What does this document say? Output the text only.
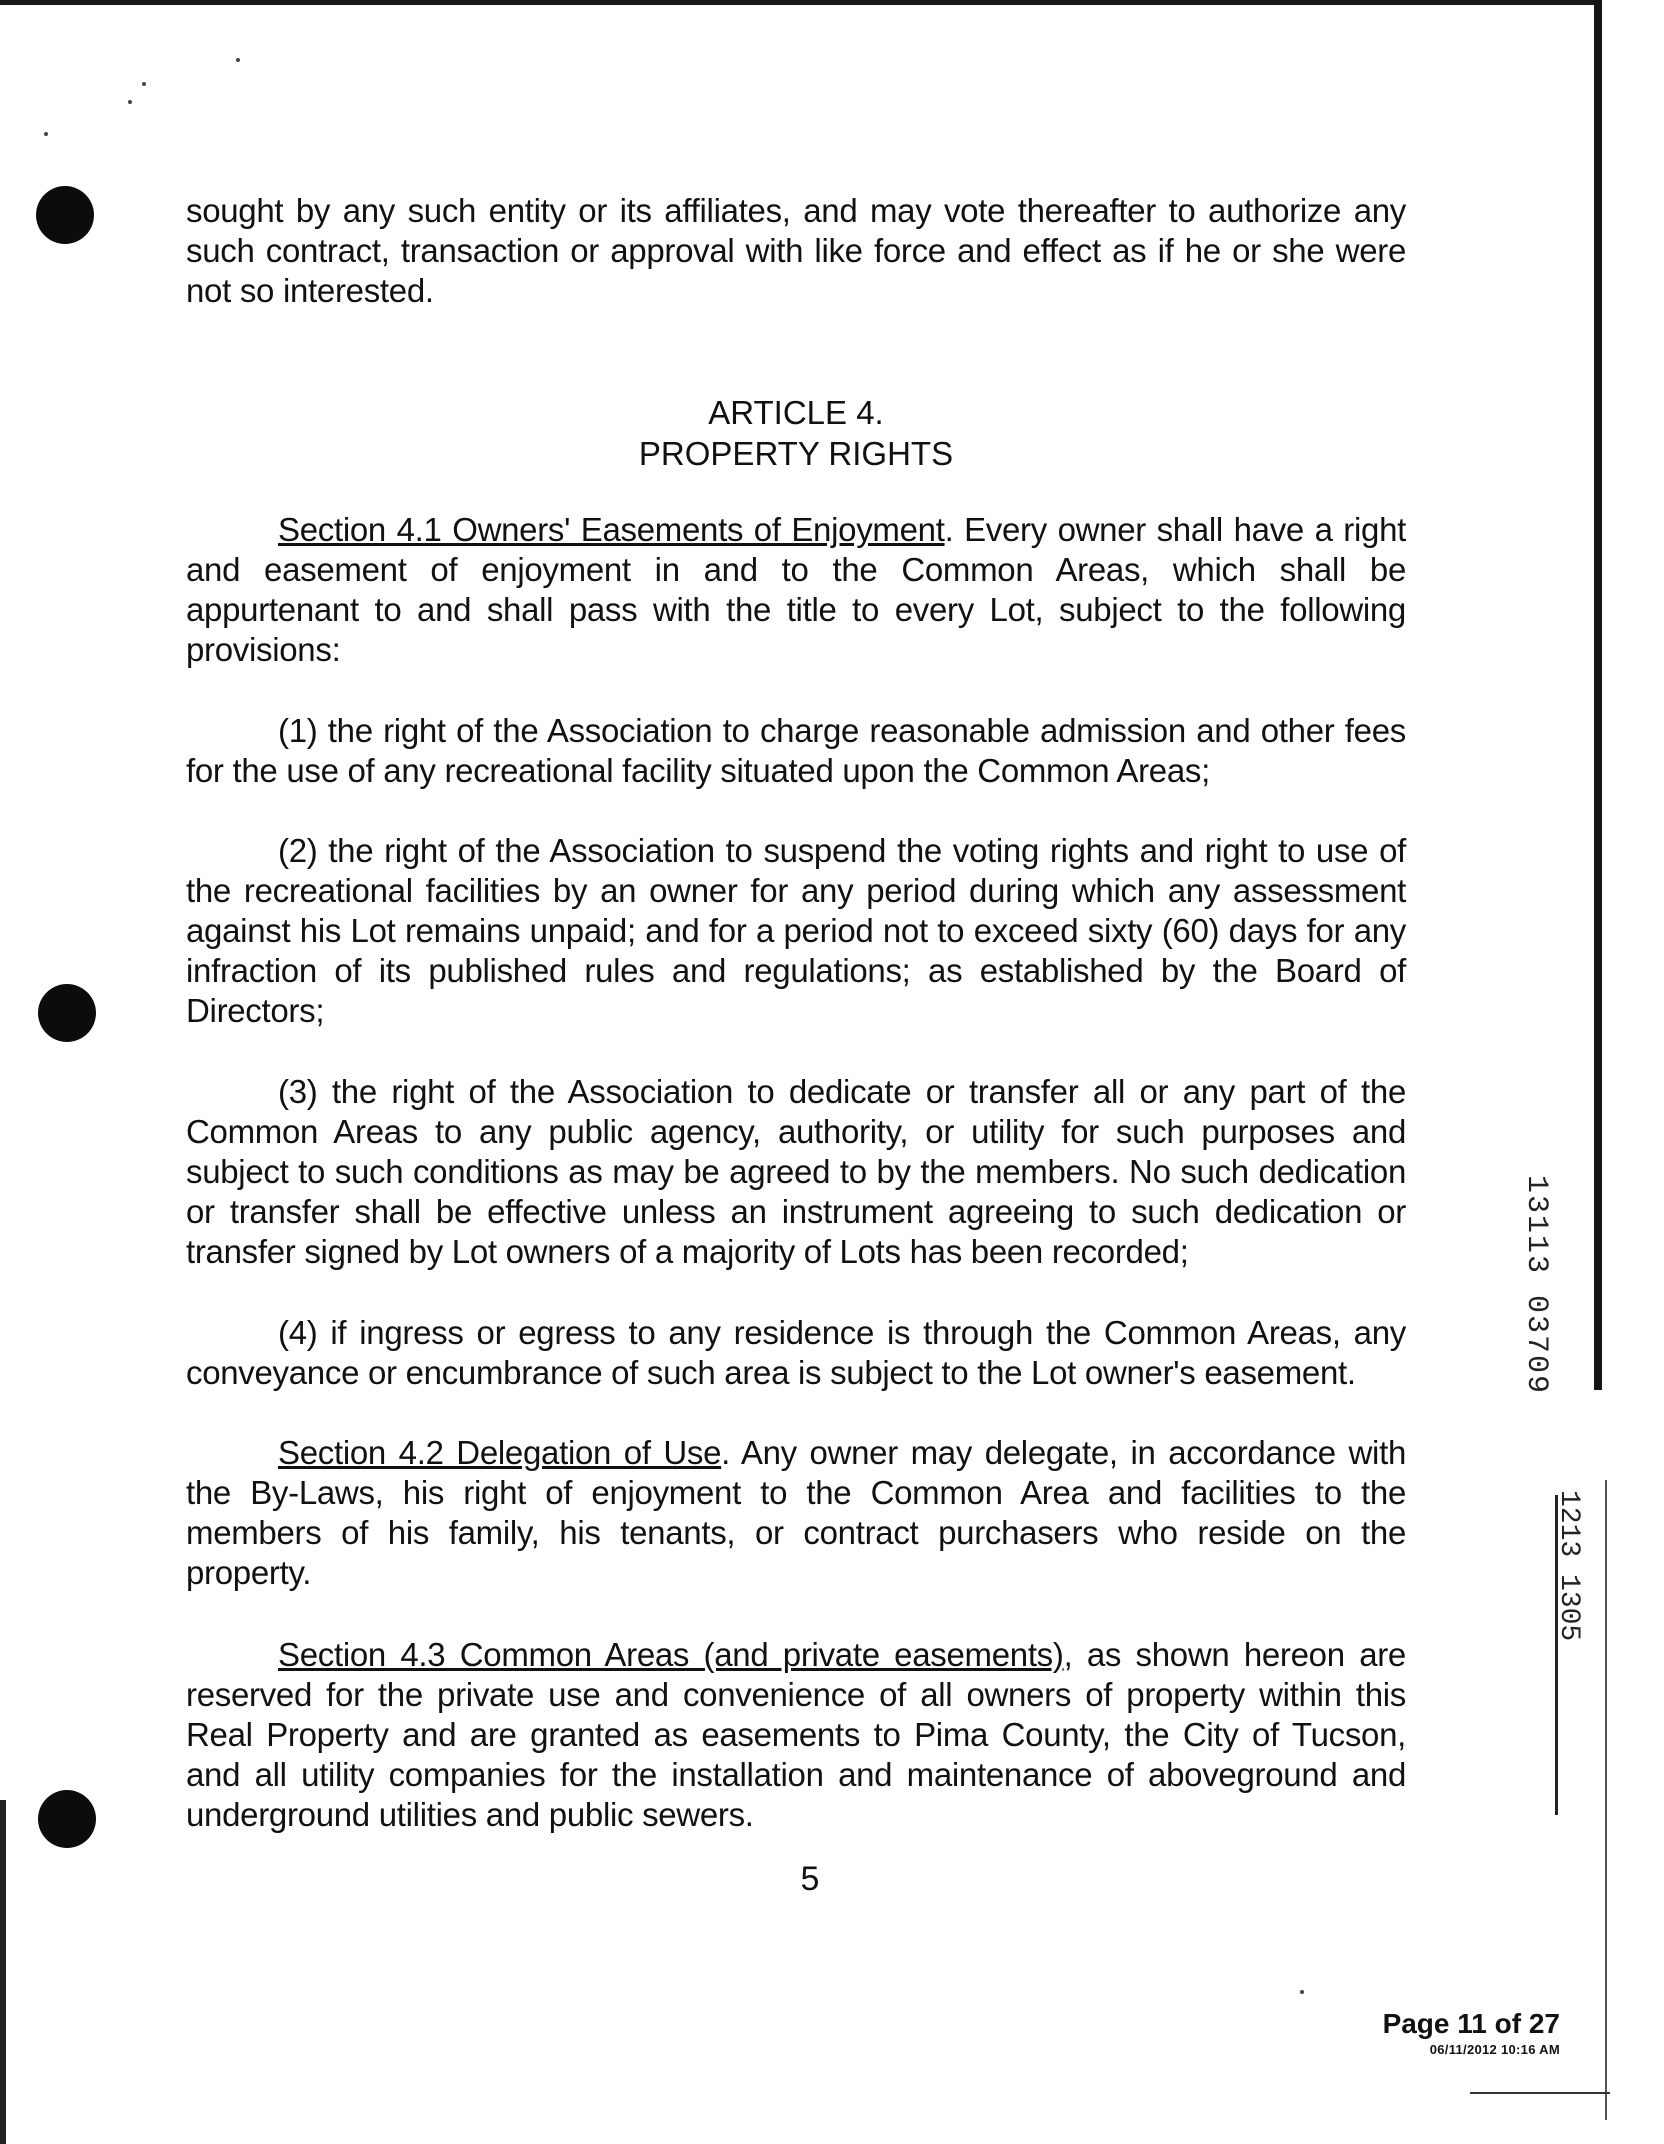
sought by any such entity or its affiliates, and may vote thereafter to authorize any such contract, transaction or approval with like force and effect as if he or she were not so interested.

ARTICLE 4.
PROPERTY RIGHTS

Section 4.1 Owners' Easements of Enjoyment. Every owner shall have a right and easement of enjoyment in and to the Common Areas, which shall be appurtenant to and shall pass with the title to every Lot, subject to the following provisions:

(1) the right of the Association to charge reasonable admission and other fees for the use of any recreational facility situated upon the Common Areas;

(2) the right of the Association to suspend the voting rights and right to use of the recreational facilities by an owner for any period during which any assessment against his Lot remains unpaid; and for a period not to exceed sixty (60) days for any infraction of its published rules and regulations; as established by the Board of Directors;

(3) the right of the Association to dedicate or transfer all or any part of the Common Areas to any public agency, authority, or utility for such purposes and subject to such conditions as may be agreed to by the members. No such dedication or transfer shall be effective unless an instrument agreeing to such dedication or transfer signed by Lot owners of a majority of Lots has been recorded;

(4) if ingress or egress to any residence is through the Common Areas, any conveyance or encumbrance of such area is subject to the Lot owner's easement.

Section 4.2 Delegation of Use. Any owner may delegate, in accordance with the By-Laws, his right of enjoyment to the Common Area and facilities to the members of his family, his tenants, or contract purchasers who reside on the property.

Section 4.3 Common Areas (and private easements), as shown hereon are reserved for the private use and convenience of all owners of property within this Real Property and are granted as easements to Pima County, the City of Tucson, and all utility companies for the installation and maintenance of aboveground and underground utilities and public sewers.

5
13113 03709
1213 1305
Page 11 of 27
06/11/2012 10:16 AM
